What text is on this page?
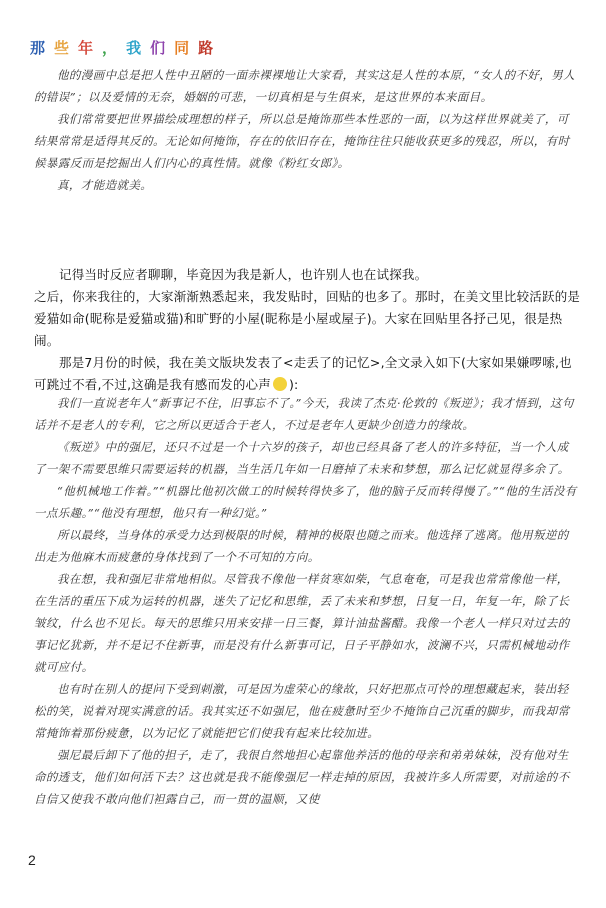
那 些 年 ， 我 们 同 路

他的漫画中总是把人性中丑陋的一面赤裸裸地让大家看，其实这是人性的本原，“女人的不好，男人的错误”；以及爱情的无奈，婚姻的可悲，一切真相是与生俱来，是这世界的本来面目。

我们常常要把世界描绘成理想的样子，所以总是掩饰那些本性恶的一面，以为这样世界就美了，可结果常常是适得其反的。无论如何掩饰，存在的依旧存在，掩饰往往只能收获更多的残忍，所以，有时候暴露反而是挖掘出人们内心的真性情。就像《粉红女郎》。

真，才能造就美。

记得当时反应者聊聊，毕竟因为我是新人，也许别人也在试探我。

之后，你来我往的，大家渐渐熟悉起来，我发贴时，回贴的也多了。那时，在美文里比较活跃的是爱猫如命(昵称是爱猫或猫)和旷野的小屋(昵称是小屋或屋子)。大家在回贴里各抒己见，很是热闹。

那是7月份的时候，我在美文版块发表了<走丢了的记忆>,全文录入如下(大家如果嫌啰嗦,也可跳过不看,不过,这确是我有感而发的心声 ):

我们一直说老年人“新事记不住，旧事忘不了。”今天，我读了杰克·伦敦的《叛逆》；我才悟到，这句话并不是老人的专利，它之所以更适合于老人，不过是老年人更缺少创造力的缘故。

《叛逆》中的强尼，还只不过是一个十六岁的孩子，却也已经具备了老人的许多特征，当一个人成了一架不需要思维只需要运转的机器，当生活几年如一日磨掉了未来和梦想，那么记忆就显得多余了。

“他机械地工作着。”“机器比他初次做工的时候转得快多了，他的脑子反而转得慢了。”“他的生活没有一点乐趣。”“他没有理想，他只有一种幻觉。”

所以最终，当身体的承受力达到极限的时候，精神的极限也随之而来。他选择了逃离。他用叛逆的出走为他麻木而疲惫的身体找到了一个不可知的方向。

我在想，我和强尼非常地相似。尽管我不像他一样贫寒如柴，气息奄奄，可是我也常常像他一样，在生活的重压下成为运转的机器，迷失了记忆和思维，丢了未来和梦想，日复一日，年复一年，除了长皱纹，什么也不见长。每天的思维只用来安排一日三餐，算计油盐酱醋。我像一个老人一样只对过去的事记忆犹新，并不是记不住新事，而是没有什么新事可记，日子平静如水，波澜不兴，只需机械地动作就可应付。

也有时在别人的提问下受到刺激，可是因为虚荣心的缘故，只好把那点可怜的理想藏起来，装出轻松的笑，说着对现实满意的话。我其实还不如强尼，他在疲惫时至少不掩饰自己沉重的脚步，而我却常常掩饰着那份疲惫，以为记忆了就能把它们使我有起来比较加进。

强尼最后卸下了他的担子，走了，我很自然地担心起靠他养活的他的母亲和弟弟妹妹，没有他对生命的透支，他们如何活下去？这也就是我不能像强尼一样走掉的原因，我被许多人所需要，对前途的不自信又使我不敢向他们袒露自己，而一贯的温顺，又使

2
